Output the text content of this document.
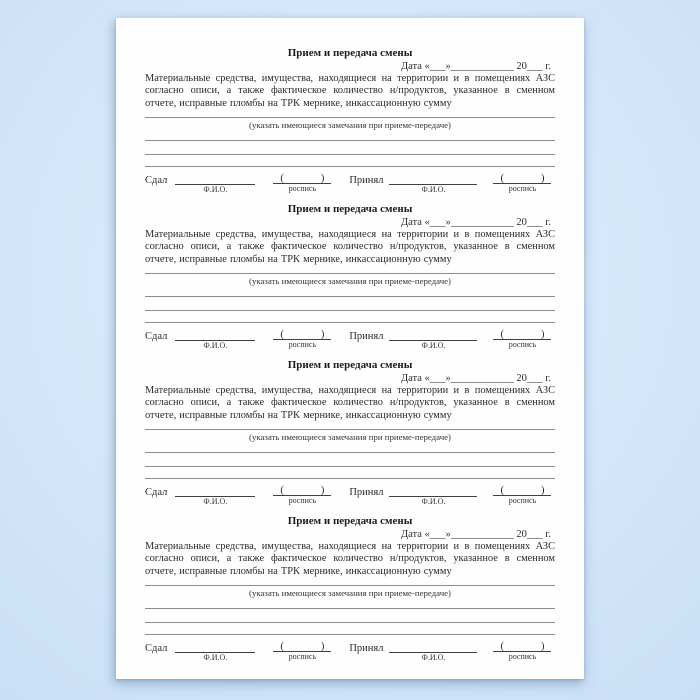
Прием и передача смены
Дата «___»____________ 20___ г.

Материальные средства, имущества, находящиеся на территории и в помещениях АЗС согласно описи, а также фактическое количество н/продуктов, указанное в сменном отчете, исправные пломбы на ТРК мернике, инкассационную сумму

(указать имеющиеся замечания при приеме-передаче)
Сдал
Ф.И.О.
(	)
роспись
Принял
Ф.И.О.
(	)
роспись
Прием и передача смены
Дата «___»____________ 20___ г.

Материальные средства, имущества, находящиеся на территории и в помещениях АЗС согласно описи, а также фактическое количество н/продуктов, указанное в сменном отчете, исправные пломбы на ТРК мернике, инкассационную сумму

(указать имеющиеся замечания при приеме-передаче)
Сдал
Ф.И.О.
(	)
роспись
Принял
Ф.И.О.
(	)
роспись
Прием и передача смены
Дата «___»____________ 20___ г.

Материальные средства, имущества, находящиеся на территории и в помещениях АЗС согласно описи, а также фактическое количество н/продуктов, указанное в сменном отчете, исправные пломбы на ТРК мернике, инкассационную сумму

(указать имеющиеся замечания при приеме-передаче)
Сдал
Ф.И.О.
(	)
роспись
Принял
Ф.И.О.
(	)
роспись
Прием и передача смены
Дата «___»____________ 20___ г.

Материальные средства, имущества, находящиеся на территории и в помещениях АЗС согласно описи, а также фактическое количество н/продуктов, указанное в сменном отчете, исправные пломбы на ТРК мернике, инкассационную сумму

(указать имеющиеся замечания при приеме-передаче)
Сдал
Ф.И.О.
(	)
роспись
Принял
Ф.И.О.
(	)
роспись
